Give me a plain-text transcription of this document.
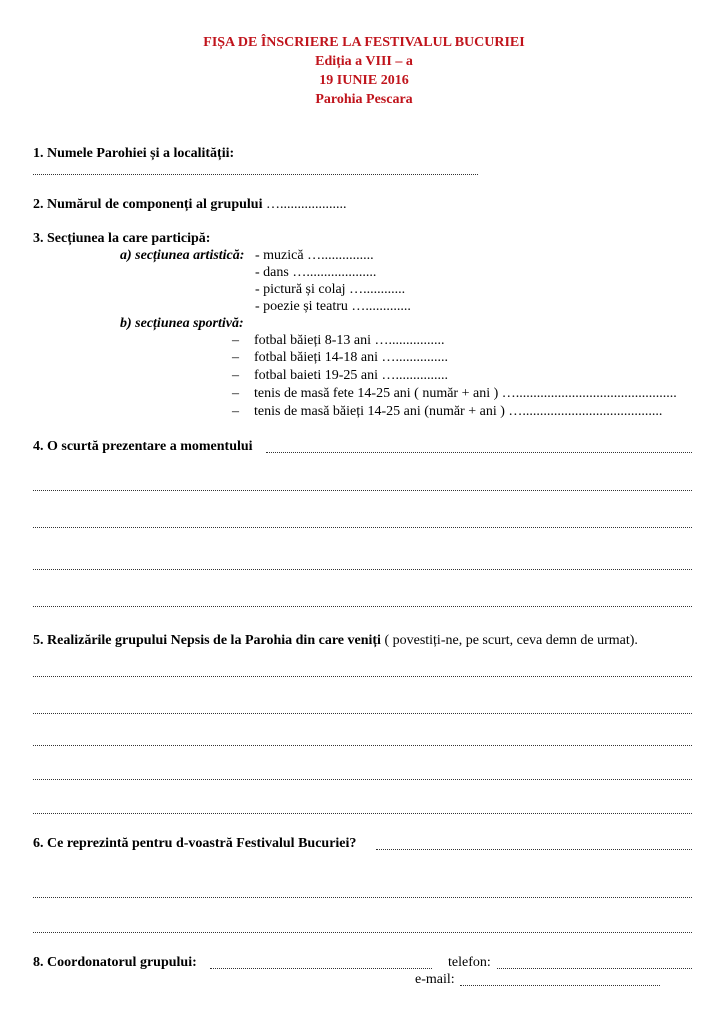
FIȘA DE ÎNSCRIERE LA FESTIVALUL BUCURIEI
Ediția a VIII – a
19 IUNIE 2016
Parohia Pescara
1. Numele Parohiei și a localității:
2. Numărul de componenți al grupului …...................
3. Secțiunea la care participă:
a) secțiunea artistică: - muzică …...............
- dans …....................
- pictură și colaj …............
- poezie și teatru ….............
b) secțiunea sportivă:
– fotbal băieți 8-13 ani …................
– fotbal băieți 14-18 ani …...............
– fotbal baieti 19-25 ani …...............
– tenis de masă fete 14-25 ani ( număr + ani ) …..............................................
– tenis de masă băieți 14-25 ani (număr + ani ) …........................................
4. O scurtă prezentare a momentului
5. Realizările grupului Nepsis de la Parohia din care veniți ( povestiți-ne, pe scurt, ceva demn de urmat).
6. Ce reprezintă pentru d-voastră Festivalul Bucuriei?
8. Coordonatorul grupului:	telefon:
e-mail:
